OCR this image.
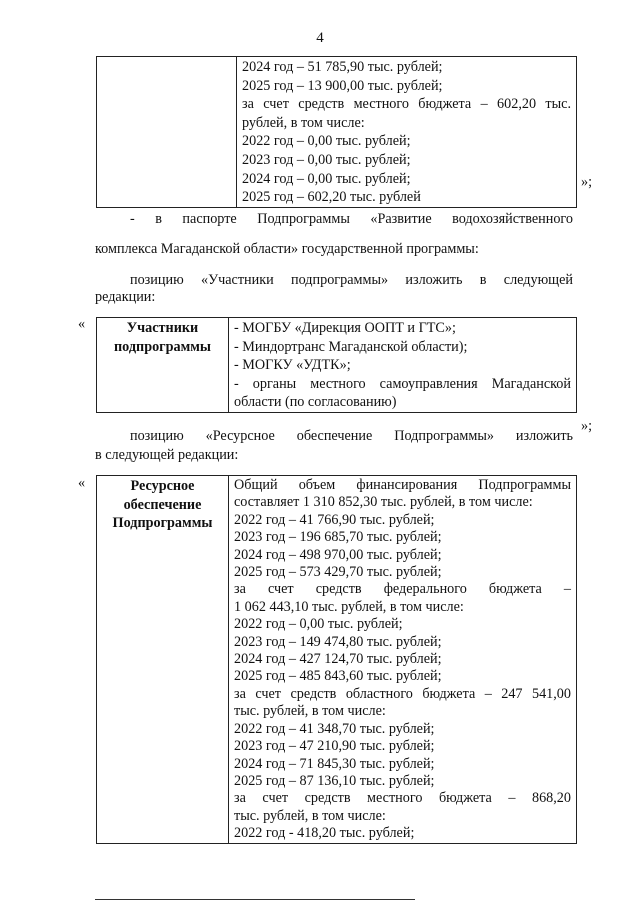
4

2024 год – 51 785,90 тыс. рублей;
2025 год – 13 900,00 тыс. рублей;
за счет средств местного бюджета – 602,20 тыс.
рублей, в том числе:
2022 год – 0,00 тыс. рублей;
2023 год – 0,00 тыс. рублей;
2024 год – 0,00 тыс. рублей;
2025 год – 602,20 тыс. рублей
»;
- в паспорте Подпрограммы «Развитие водохозяйственного
комплекса Магаданской области» государственной программы:
позицию «Участники подпрограммы» изложить в следующей
редакции:
«	Участники
подпрограммы

- МОГБУ «Дирекция ООПТ и ГТС»;
- Миндортранс Магаданской области);
- МОГКУ «УДТК»;
- органы местного самоуправления Магаданской
области (по согласованию)
»;
позицию «Ресурсное обеспечение Подпрограммы» изложить
в следующей редакции:
«	Ресурсное
обеспечение
Подпрограммы

Общий объем финансирования Подпрограммы
составляет 1 310 852,30 тыс. рублей, в том числе:
2022 год – 41 766,90 тыс. рублей;
2023 год – 196 685,70 тыс. рублей;
2024 год – 498 970,00 тыс. рублей;
2025 год – 573 429,70 тыс. рублей;
за счет средств федерального бюджета –
1 062 443,10 тыс. рублей, в том числе:
2022 год – 0,00 тыс. рублей;
2023 год – 149 474,80 тыс. рублей;
2024 год – 427 124,70 тыс. рублей;
2025 год – 485 843,60 тыс. рублей;
за счет средств областного бюджета – 247 541,00
тыс. рублей, в том числе:
2022 год – 41 348,70 тыс. рублей;
2023 год – 47 210,90 тыс. рублей;
2024 год – 71 845,30 тыс. рублей;
2025 год – 87 136,10 тыс. рублей;
за счет средств местного бюджета – 868,20
тыс. рублей, в том числе:
2022 год - 418,20 тыс. рублей;
